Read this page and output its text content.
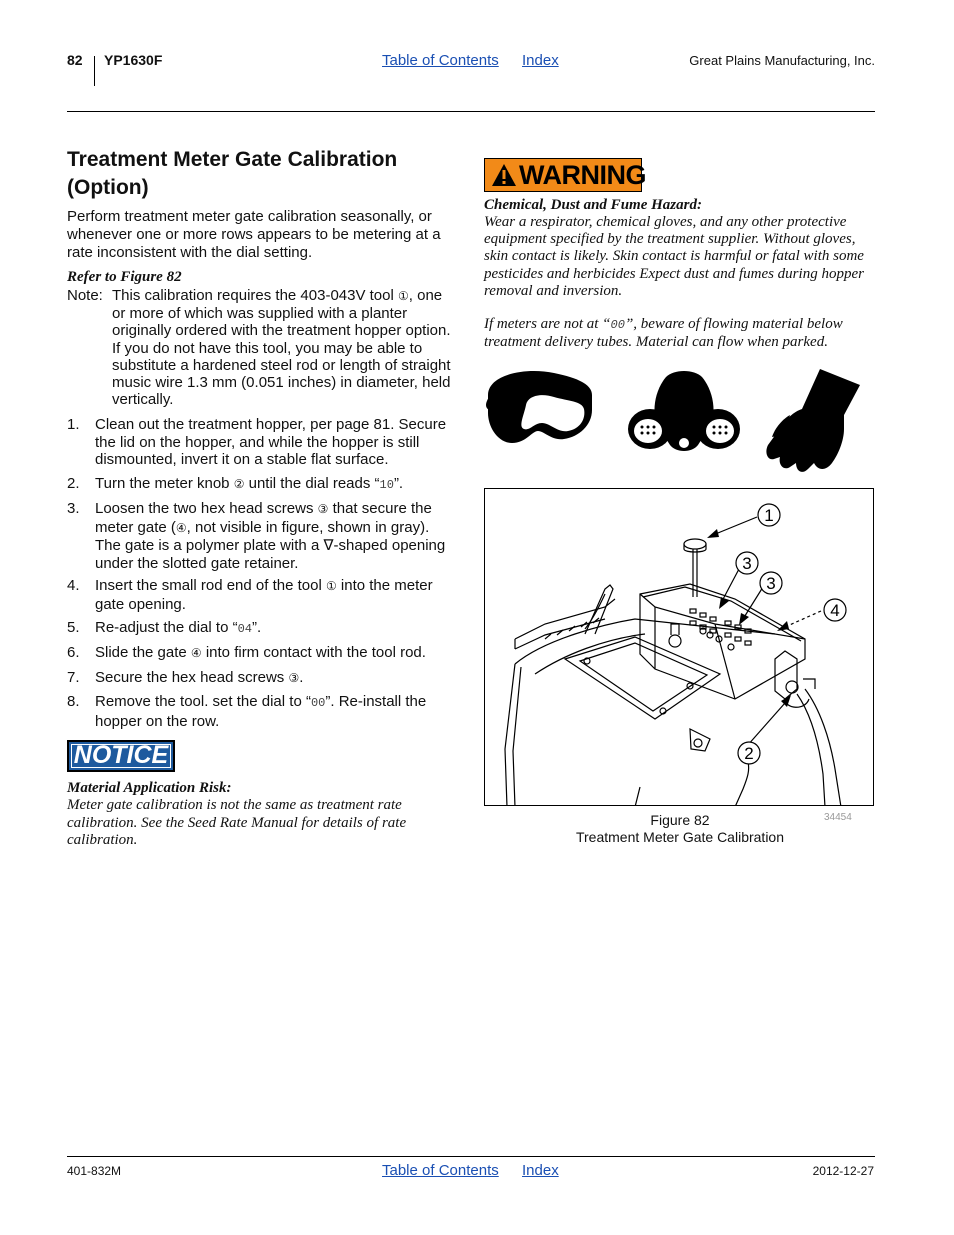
82 YP1630F	Table of Contents Index	Great Plains Manufacturing, Inc.
Treatment Meter Gate Calibration (Option)
Perform treatment meter gate calibration seasonally, or whenever one or more rows appears to be metering at a rate inconsistent with the dial setting.
Refer to Figure 82
Note: This calibration requires the 403-043V tool ①, one or more of which was supplied with a planter originally ordered with the treatment hopper option. If you do not have this tool, you may be able to substitute a hardened steel rod or length of straight music wire 1.3 mm (0.051 inches) in diameter, held vertically.
1. Clean out the treatment hopper, per page 81. Secure the lid on the hopper, and while the hopper is still dismounted, invert it on a stable flat surface.
2. Turn the meter knob ② until the dial reads “10”.
3. Loosen the two hex head screws ③ that secure the meter gate (④, not visible in figure, shown in gray). The gate is a polymer plate with a ∇-shaped opening under the slotted gate retainer.
4. Insert the small rod end of the tool ① into the meter gate opening.
5. Re-adjust the dial to “04”.
6. Slide the gate ④ into firm contact with the tool rod.
7. Secure the hex head screws ③.
8. Remove the tool. set the dial to “00”. Re-install the hopper on the row.
NOTICE
Material Application Risk:
Meter gate calibration is not the same as treatment rate calibration. See the Seed Rate Manual for details of rate calibration.
WARNING
Chemical, Dust and Fume Hazard:
Wear a respirator, chemical gloves, and any other protective equipment specified by the treatment supplier. Without gloves, skin contact is likely. Skin contact is harmful or fatal with some pesticides and herbicides Expect dust and fumes during hopper removal and inversion.
If meters are not at “00”, beware of flowing material below treatment delivery tubes. Material can flow when parked.
1
3
3
4
2
Figure 82
Treatment Meter Gate Calibration
34454
401-832M	Table of Contents Index	2012-12-27
